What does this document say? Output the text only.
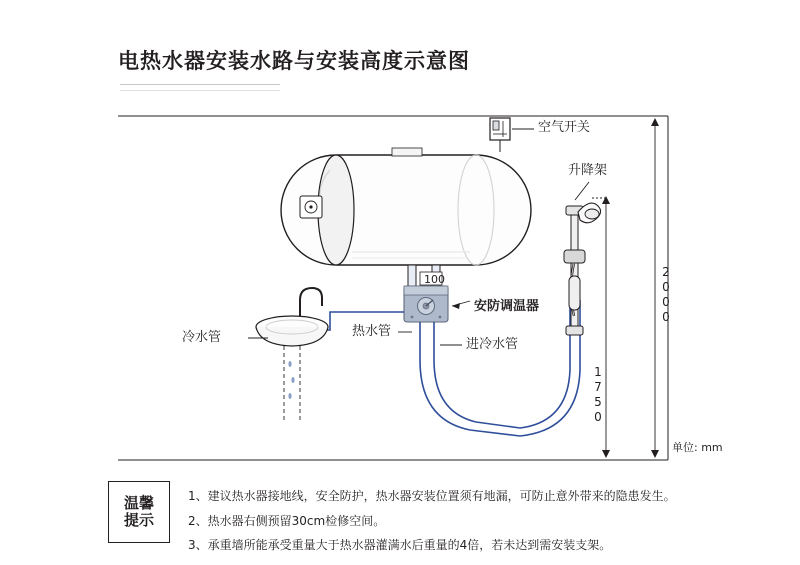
电热水器安装水路与安装高度示意图
空气开关
升降架
安防调温器
冷水管	热水管
进冷水管
100	2000
1750
单位: mm
温馨
提示
1、建议热水器接地线，安全防护，热水器安装位置须有地漏，可防止意外带来的隐患发生。
2、热水器右侧预留30cm检修空间。
3、承重墙所能承受重量大于热水器灌满水后重量的4倍，若未达到需安装支架。
